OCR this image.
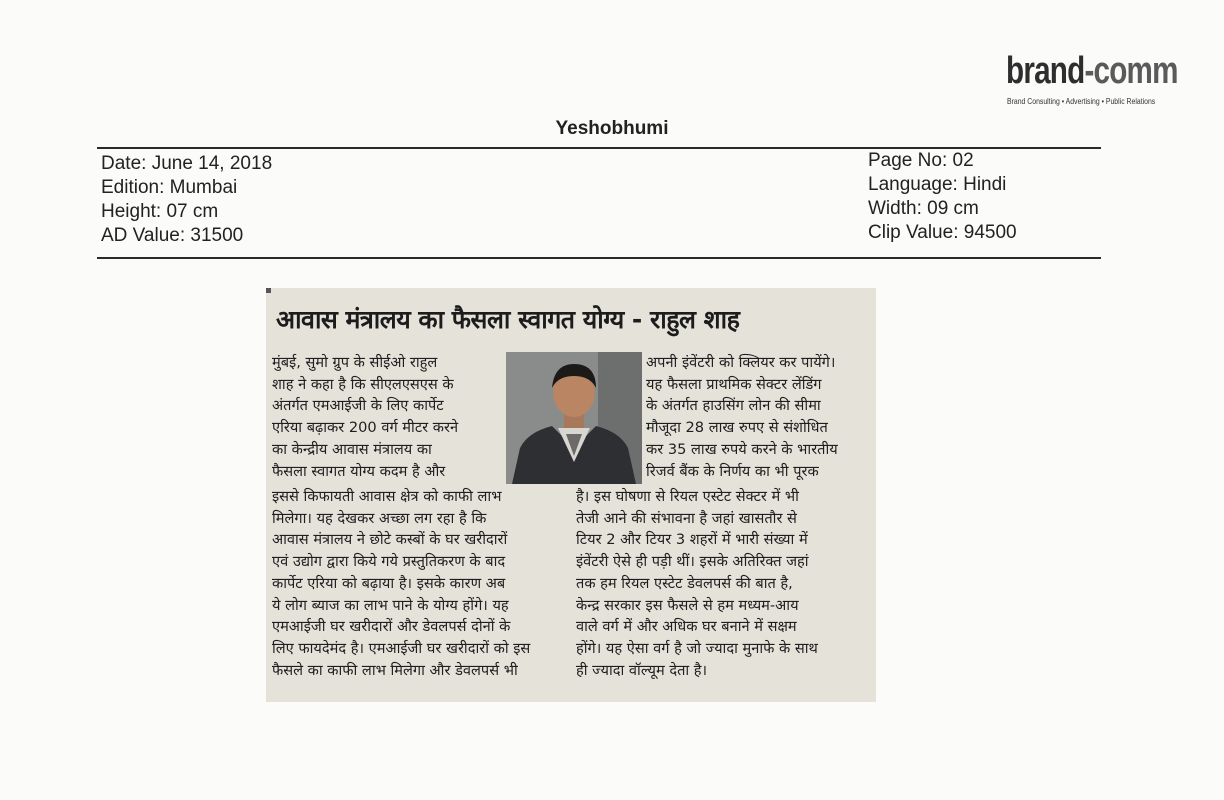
brand-comm
Brand Consulting • Advertising • Public Relations
Yeshobhumi
Date: June 14, 2018
Edition: Mumbai
Height: 07 cm
AD Value: 31500
Page No: 02
Language: Hindi
Width: 09 cm
Clip Value: 94500
आवास मंत्रालय का फैसला स्वागत योग्य - राहुल शाह
मुंबई, सुमो ग्रुप के सीईओ राहुल
शाह ने कहा है कि सीएलएसएस के
अंतर्गत एमआईजी के लिए कार्पेट
एरिया बढ़ाकर 200 वर्ग मीटर करने
का केन्द्रीय आवास मंत्रालय का
फैसला स्वागत योग्य कदम है और
अपनी इंवेंटरी को क्लियर कर पायेंगे।
यह फैसला प्राथमिक सेक्टर लेंडिंग
के अंतर्गत हाउसिंग लोन की सीमा
मौजूदा 28 लाख रुपए से संशोधित
कर 35 लाख रुपये करने के भारतीय
रिजर्व बैंक के निर्णय का भी पूरक
इससे किफायती आवास क्षेत्र को काफी लाभ
मिलेगा। यह देखकर अच्छा लग रहा है कि
आवास मंत्रालय ने छोटे कस्बों के घर खरीदारों
एवं उद्योग द्वारा किये गये प्रस्तुतिकरण के बाद
कार्पेट एरिया को बढ़ाया है। इसके कारण अब
ये लोग ब्याज का लाभ पाने के योग्य होंगे। यह
एमआईजी घर खरीदारों और डेवलपर्स दोनों के
लिए फायदेमंद है। एमआईजी घर खरीदारों को इस
फैसले का काफी लाभ मिलेगा और डेवलपर्स भी
है। इस घोषणा से रियल एस्टेट सेक्टर में भी
तेजी आने की संभावना है जहां खासतौर से
टियर 2 और टियर 3 शहरों में भारी संख्या में
इंवेंटरी ऐसे ही पड़ी थीं। इसके अतिरिक्त जहां
तक हम रियल एस्टेट डेवलपर्स की बात है,
केन्द्र सरकार इस फैसले से हम मध्यम-आय
वाले वर्ग में और अधिक घर बनाने में सक्षम
होंगे। यह ऐसा वर्ग है जो ज्यादा मुनाफे के साथ
ही ज्यादा वॉल्यूम देता है।
